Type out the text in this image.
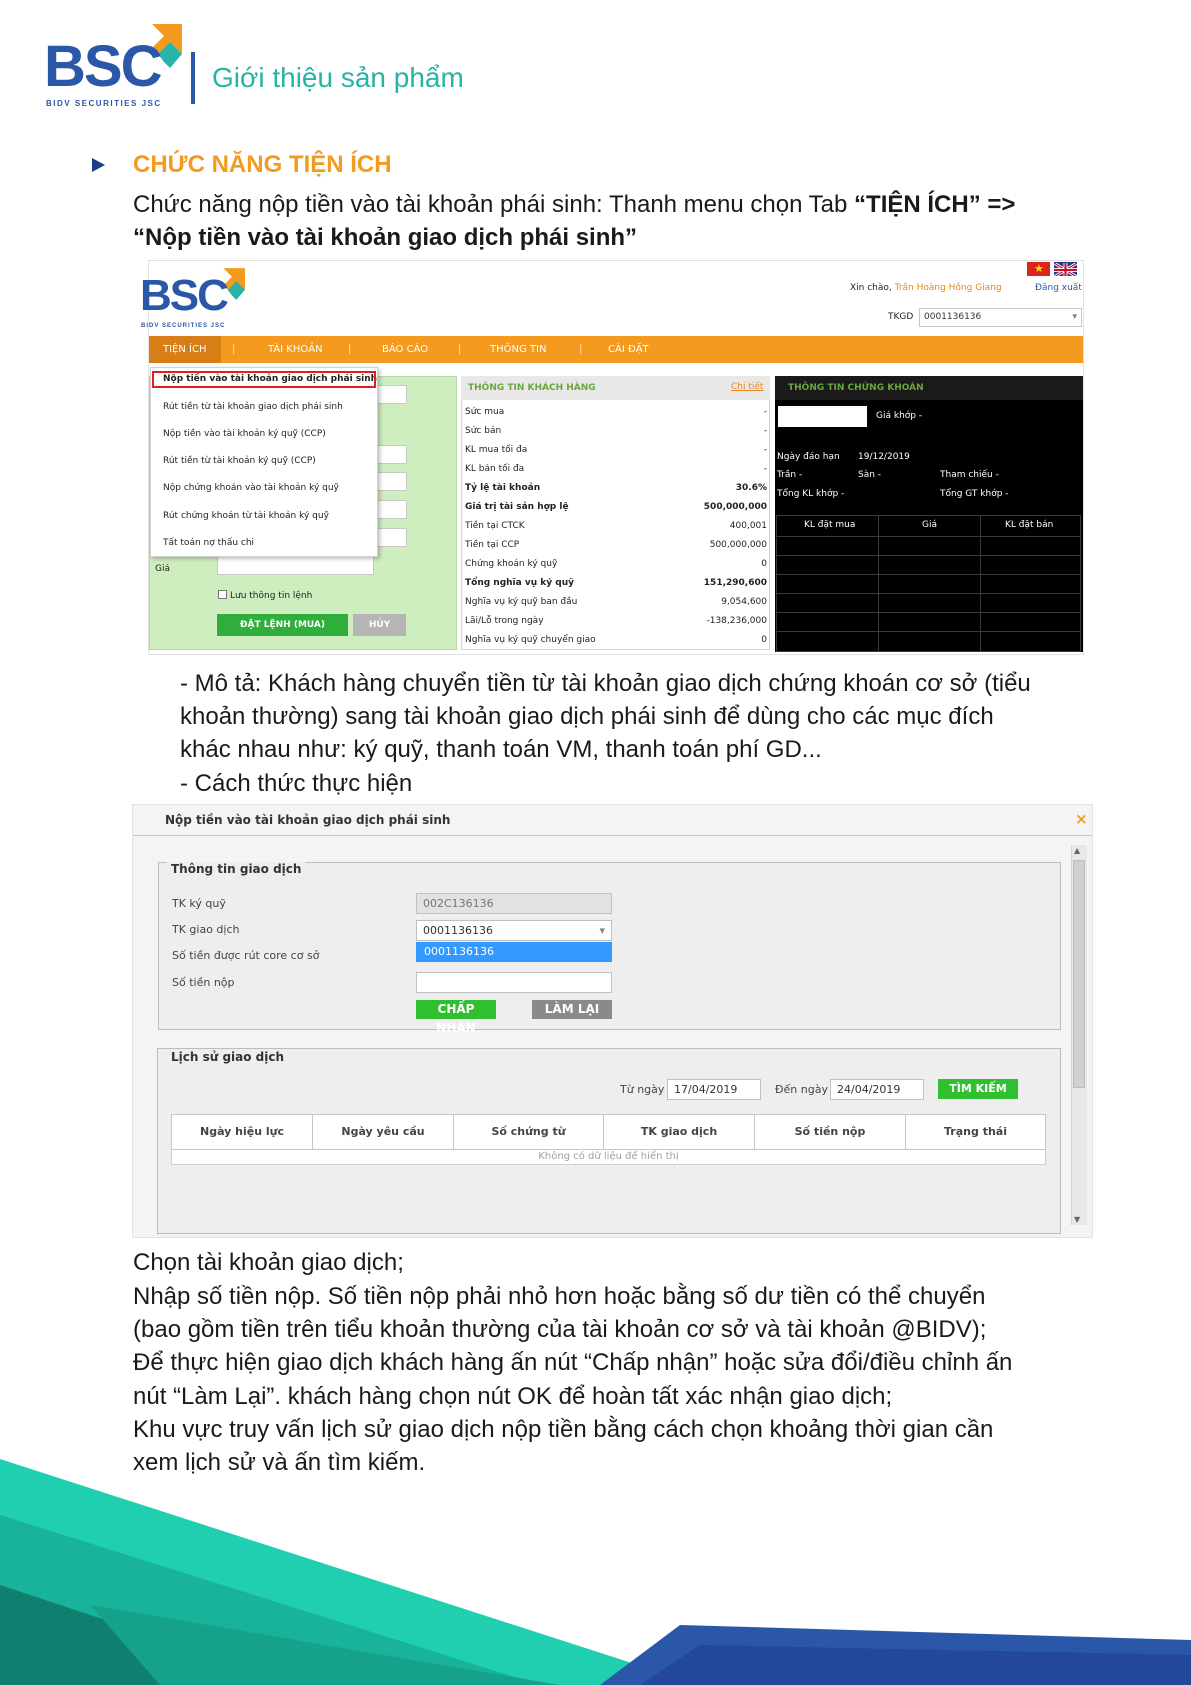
BSC
BIDV SECURITIES JSC
Giới thiệu sản phẩm
CHỨC NĂNG TIỆN ÍCH
Chức năng nộp tiền vào tài khoản phái sinh: Thanh menu chọn Tab “TIỆN ÍCH” =>
“Nộp tiền vào tài khoản giao dịch phái sinh”
BSC
BIDV SECURITIES JSC
★
Xin chào, Trần Hoàng Hồng Giang	Đăng xuất
TKGD	0001136136 ▾
TIỆN ÍCH	|	TÀI KHOẢN	|	BÁO CÁO	|	THÔNG TIN	|	CÀI ĐẶT
Giá
Lưu thông tin lệnh
ĐẶT LỆNH (MUA)	HỦY
Nộp tiền vào tài khoản giao dịch phái sinh
Rút tiền từ tài khoản giao dịch phái sinh
Nộp tiền vào tài khoản ký quỹ (CCP)
Rút tiền từ tài khoản ký quỹ (CCP)
Nộp chứng khoán vào tài khoản ký quỹ
Rút chứng khoán từ tài khoản ký quỹ
Tất toán nợ thấu chi
THÔNG TIN KHÁCH HÀNG	Chi tiết
Sức mua	-
Sức bán	-
KL mua tối đa	-
KL bán tối đa	-
Tỷ lệ tài khoản	30.6%
Giá trị tài sản hợp lệ	500,000,000
Tiền tại CTCK	400,001
Tiền tại CCP	500,000,000
Chứng khoán ký quỹ	0
Tổng nghĩa vụ ký quỹ	151,290,600
Nghĩa vụ ký quỹ ban đầu	9,054,600
Lãi/Lỗ trong ngày	-138,236,000
Nghĩa vụ ký quỹ chuyển giao	0
THÔNG TIN CHỨNG KHOÁN
Giá khớp -
Ngày đáo hạn 19/12/2019
Trần -	Sàn -	Tham chiếu -
Tổng KL khớp -	Tổng GT khớp -
KL đặt mua	Giá	KL đặt bán
- Mô tả: Khách hàng chuyển tiền từ tài khoản giao dịch chứng khoán cơ sở (tiểu
khoản thường) sang tài khoản giao dịch phái sinh để dùng cho các mục đích
khác nhau như: ký quỹ, thanh toán VM, thanh toán phí GD...
- Cách thức thực hiện
Nộp tiền vào tài khoản giao dịch phái sinh	×
Thông tin giao dịch
TK ký quỹ	002C136136
TK giao dịch	0001136136 ▾
0001136136
Số tiền được rút core cơ sở
Số tiền nộp
CHẤP NHẬN
LÀM LẠI
Lịch sử giao dịch
Từ ngày 17/04/2019	Đến ngày 24/04/2019	TÌM KIẾM
Ngày hiệu lực	Ngày yêu cầu	Số chứng từ	TK giao dịch	Số tiền nộp	Trạng thái
Không có dữ liệu để hiển thị
▲
▼
Chọn tài khoản giao dịch;
Nhập số tiền nộp. Số tiền nộp phải nhỏ hơn hoặc bằng số dư tiền có thể chuyển
(bao gồm tiền trên tiểu khoản thường của tài khoản cơ sở và tài khoản @BIDV);
Để thực hiện giao dịch khách hàng ấn nút “Chấp nhận” hoặc sửa đổi/điều chỉnh ấn
nút “Làm Lại”. khách hàng chọn nút OK để hoàn tất xác nhận giao dịch;
Khu vực truy vấn lịch sử giao dịch nộp tiền bằng cách chọn khoảng thời gian cần
xem lịch sử và ấn tìm kiếm.
